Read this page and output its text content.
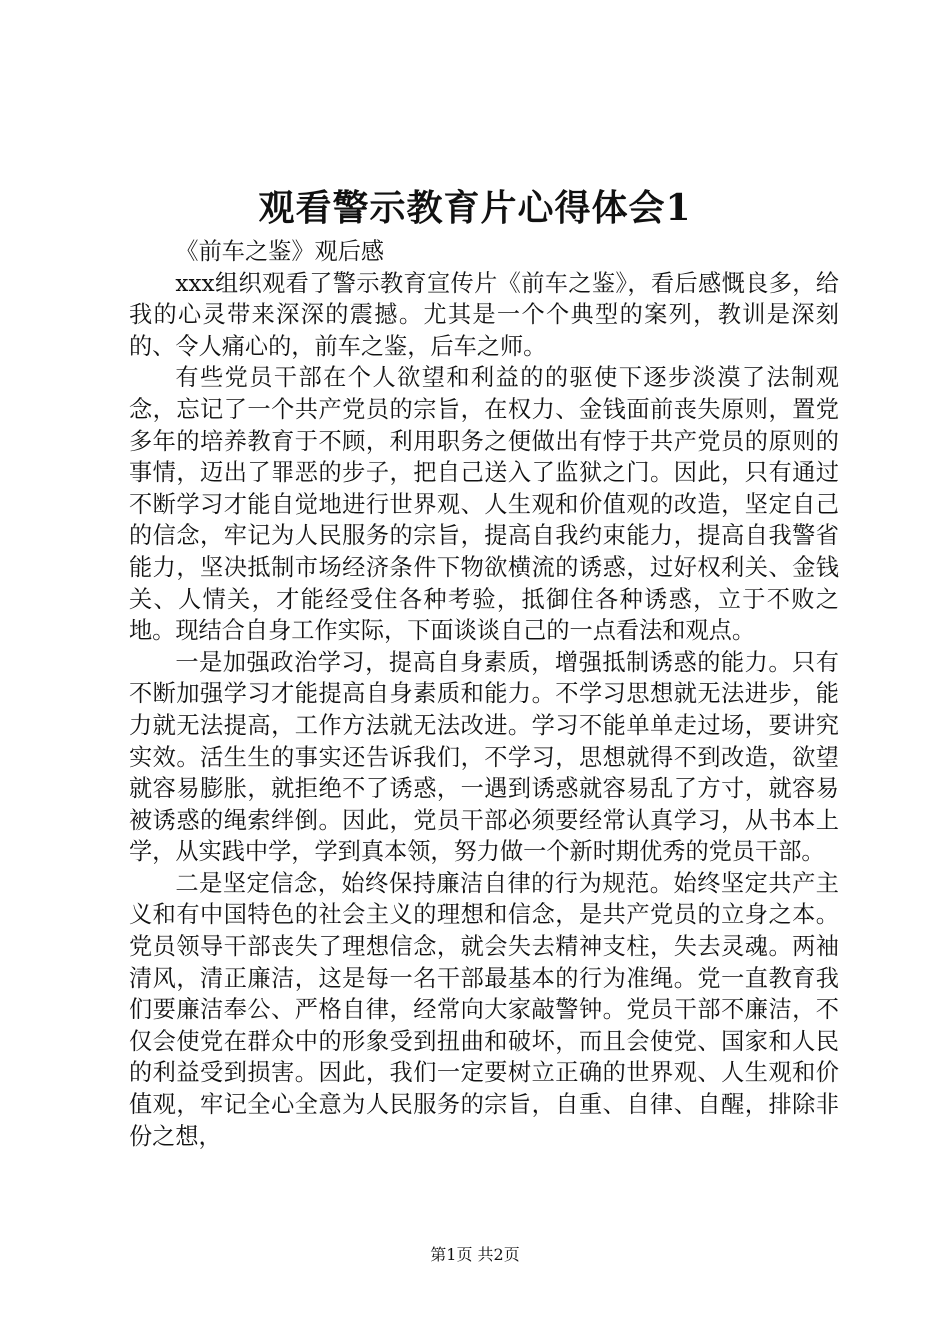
观看警示教育片心得体会1

《前车之鉴》观后感

xxx组织观看了警示教育宣传片《前车之鉴》，看后感慨良多，给我的心灵带来深深的震撼。尤其是一个个典型的案列，教训是深刻的、令人痛心的，前车之鉴，后车之师。

有些党员干部在个人欲望和利益的的驱使下逐步淡漠了法制观念，忘记了一个共产党员的宗旨，在权力、金钱面前丧失原则，置党多年的培养教育于不顾，利用职务之便做出有悖于共产党员的原则的事情，迈出了罪恶的步子，把自己送入了监狱之门。因此，只有通过不断学习才能自觉地进行世界观、人生观和价值观的改造，坚定自己的信念，牢记为人民服务的宗旨，提高自我约束能力，提高自我警省能力，坚决抵制市场经济条件下物欲横流的诱惑，过好权利关、金钱关、人情关，才能经受住各种考验，抵御住各种诱惑，立于不败之地。现结合自身工作实际，下面谈谈自己的一点看法和观点。

一是加强政治学习，提高自身素质，增强抵制诱惑的能力。只有不断加强学习才能提高自身素质和能力。不学习思想就无法进步，能力就无法提高，工作方法就无法改进。学习不能单单走过场，要讲究实效。活生生的事实还告诉我们，不学习，思想就得不到改造，欲望就容易膨胀，就拒绝不了诱惑，一遇到诱惑就容易乱了方寸，就容易被诱惑的绳索绊倒。因此，党员干部必须要经常认真学习，从书本上学，从实践中学，学到真本领，努力做一个新时期优秀的党员干部。

二是坚定信念，始终保持廉洁自律的行为规范。始终坚定共产主义和有中国特色的社会主义的理想和信念，是共产党员的立身之本。党员领导干部丧失了理想信念，就会失去精神支柱，失去灵魂。两袖清风，清正廉洁，这是每一名干部最基本的行为准绳。党一直教育我们要廉洁奉公、严格自律，经常向大家敲警钟。党员干部不廉洁，不仅会使党在群众中的形象受到扭曲和破坏，而且会使党、国家和人民的利益受到损害。因此，我们一定要树立正确的世界观、人生观和价值观，牢记全心全意为人民服务的宗旨，自重、自律、自醒，排除非份之想，

第1页 共2页
